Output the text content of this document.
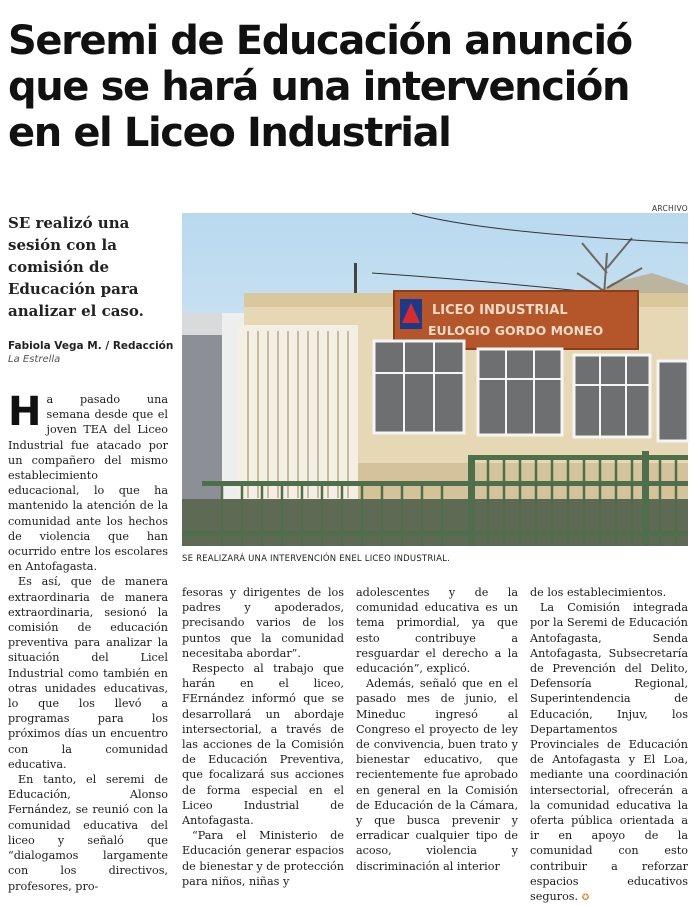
Seremi de Educación anunció
que se hará una intervención
en el Liceo Industrial
SE realizó una sesión con la comisión de Educación para analizar el caso.
Fabiola Vega M. / Redacción
La Estrella
ARCHIVO
LICEO INDUSTRIAL
EULOGIO GORDO MONEO
SE REALIZARÁ UNA INTERVENCIÓN ENEL LICEO INDUSTRIAL.

Ha pasado una semana desde que el joven TEA del Liceo Industrial fue atacado por un compañero del mismo establecimiento educacional, lo que ha mantenido la atención de la comunidad ante los hechos de violencia que han ocurrido entre los escolares en Antofagasta.

Es así, que de manera extraordinaria de manera extraordinaria, sesionó la comisión de educación preventiva para analizar la situación del Licel Industrial como también en otras unidades educativas, lo que los llevó a programas para los próximos días un encuentro con la comunidad educativa.

En tanto, el seremi de Educación, Alonso Fernández, se reunió con la comunidad educativa del liceo y señaló que “dialogamos largamente con los directivos, profesores, pro-

fesoras y dirigentes de los padres y apoderados, precisando varios de los puntos que la comunidad necesitaba abordar”.

Respecto al trabajo que harán en el liceo, FErnández informó que se desarrollará un abordaje intersectorial, a través de las acciones de la Comisión de Educación Preventiva, que focalizará sus acciones de forma especial en el Liceo Industrial de Antofagasta.

“Para el Ministerio de Educación generar espacios de bienestar y de protección para niños, niñas y

adolescentes y de la comunidad educativa es un tema primordial, ya que esto contribuye a resguardar el derecho a la educación”, explicó.

Además, señaló que en el pasado mes de junio, el Mineduc ingresó al Congreso el proyecto de ley de convivencia, buen trato y bienestar educativo, que recientemente fue aprobado en general en la Comisión de Educación de la Cámara, y que busca prevenir y erradicar cualquier tipo de acoso, violencia y discriminación al interior

de los establecimientos.

La Comisión integrada por la Seremi de Educación Antofagasta, Senda Antofagasta, Subsecretaría de Prevención del Delito, Defensoría Regional, Superintendencia de Educación, Injuv, los Departamentos Provinciales de Educación de Antofagasta y El Loa, mediante una coordinación intersectorial, ofrecerán a la comunidad educativa la oferta pública orientada a ir en apoyo de la comunidad con esto contribuir a reforzar espacios educativos seguros. ✪
